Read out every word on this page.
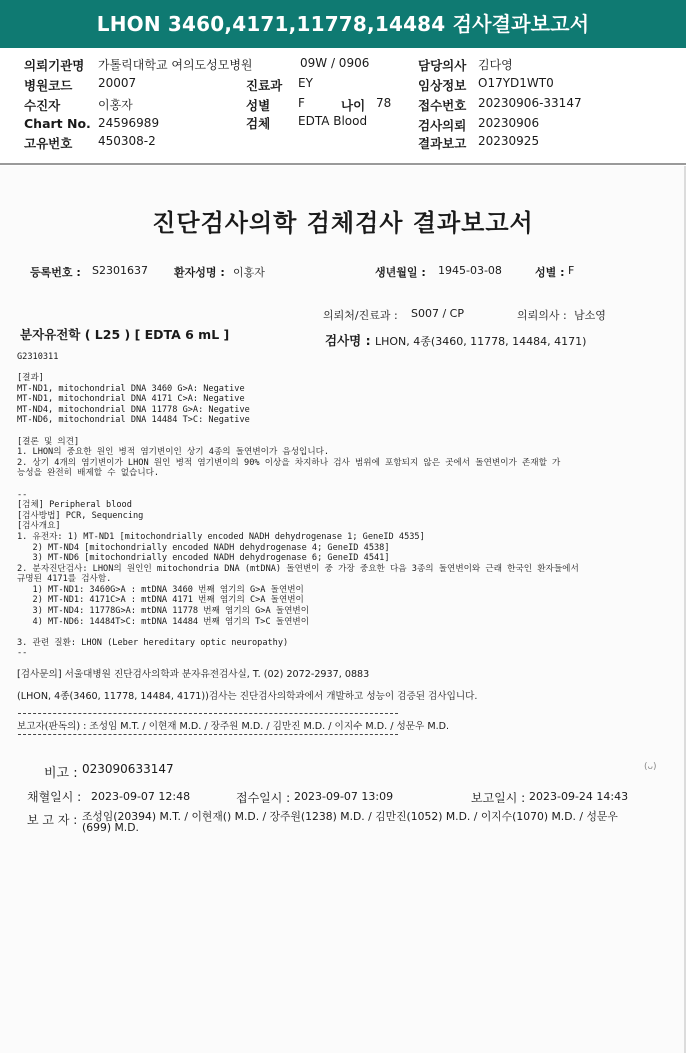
LHON 3460,4171,11778,14484 검사결과보고서
의뢰기관명 가톨릭대학교 여의도성모병원	09W / 0906	담당의사 김다영
병원코드 20007	진료과 EY	임상정보 O17YD1WT0
수진자	이홍자	성별 F	나이 78 접수번호 20230906-33147
Chart No. 24596989	검체 EDTA Blood	검사의뢰 20230906
고유번호 450308-2	결과보고 20230925
진단검사의학 검체검사 결과보고서
등록번호 : S2301637 환자성명 : 이홍자	생년월일 : 1945-03-08	성별 : F
의뢰처/진료과 : S007 / CP	의뢰의사 : 남소영
분자유전학 ( L25 ) [ EDTA 6 mL ]	검사명 : LHON, 4종(3460, 11778, 14484, 4171)
G2310311
[결과]
MT-ND1, mitochondrial DNA 3460 G>A: Negative
MT-ND1, mitochondrial DNA 4171 C>A: Negative
MT-ND4, mitochondrial DNA 11778 G>A: Negative
MT-ND6, mitochondrial DNA 14484 T>C: Negative

[결론 및 의견]
1. LHON의 중요한 원인 병적 염기변이인 상기 4종의 돌연변이가 음성입니다.
2. 상기 4개의 염기변이가 LHON 원인 병적 염기변이의 90% 이상을 차지하나 검사 범위에 포함되지 않은 곳에서 돌연변이가 존재할 가
능성을 완전히 배제할 수 없습니다.

--
[검체] Peripheral blood
[검사방법] PCR, Sequencing
[검사개요]
1. 유전자: 1) MT-ND1 [mitochondrially encoded NADH dehydrogenase 1; GeneID 4535]
2) MT-ND4 [mitochondrially encoded NADH dehydrogenase 4; GeneID 4538]
3) MT-ND6 [mitochondrially encoded NADH dehydrogenase 6; GeneID 4541]
2. 분자진단검사: LHON의 원인인 mitochondria DNA (mtDNA) 돌연변이 중 가장 중요한 다음 3종의 돌연변이와 근래 한국인 환자들에서
규명된 4171를 검사함.
1) MT-ND1: 3460G>A : mtDNA 3460 번째 염기의 G>A 돌연변이
2) MT-ND1: 4171C>A : mtDNA 4171 번째 염기의 C>A 돌연변이
3) MT-ND4: 11778G>A: mtDNA 11778 번째 염기의 G>A 돌연변이
4) MT-ND6: 14484T>C: mtDNA 14484 번째 염기의 T>C 돌연변이

3. 관련 질환: LHON (Leber hereditary optic neuropathy)
--
[검사문의] 서울대병원 진단검사의학과 분자유전검사실, T. (02) 2072-2937, 0883
(LHON, 4종(3460, 11778, 14484, 4171))검사는 진단검사의학과에서 개발하고 성능이 검증된 검사입니다.
보고자(판독의) : 조성임 M.T. / 이현재 M.D. / 장주원 M.D. / 김만진 M.D. / 이지수 M.D. / 성문우 M.D.
비고 : 023090633147	(ᴗ)
채혈일시 : 2023-09-07 12:48	접수일시 : 2023-09-07 13:09	보고일시 : 2023-09-24 14:43
보 고 자 : 조성임(20394) M.T. / 이현재() M.D. / 장주원(1238) M.D. / 김만진(1052) M.D. / 이지수(1070) M.D. / 성문우
(699) M.D.
